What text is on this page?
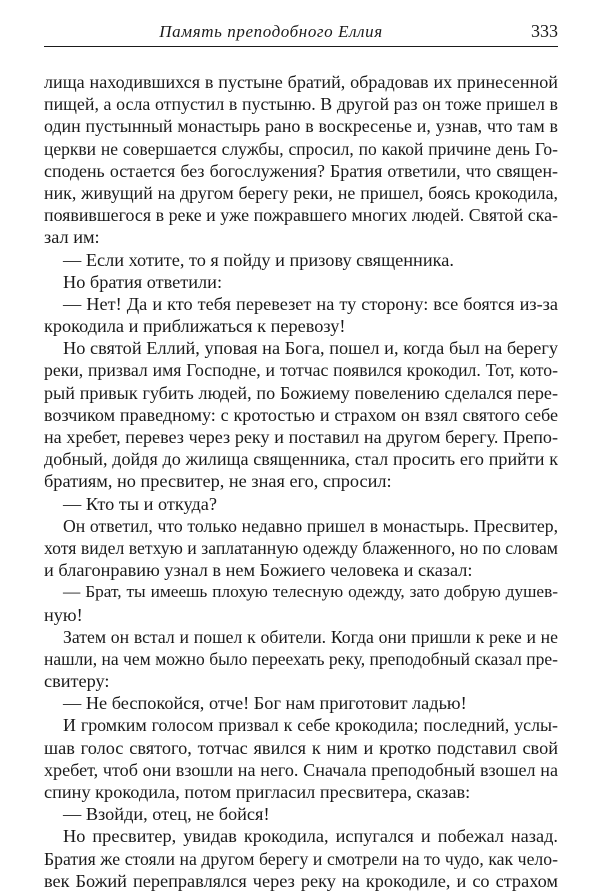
Память преподобного Еллия	333
лища находившихся в пустыне братий, обрадовав их принесенной
пищей, а осла отпустил в пустыню. В другой раз он тоже пришел в
один пустынный монастырь рано в воскресенье и, узнав, что там в
церкви не совершается службы, спросил, по какой причине день Го-
сподень остается без богослужения? Братия ответили, что священ-
ник, живущий на другом берегу реки, не пришел, боясь крокодила,
появившегося в реке и уже пожравшего многих людей. Святой ска-
зал им:
— Если хотите, то я пойду и призову священника.
Но братия ответили:
— Нет! Да и кто тебя перевезет на ту сторону: все боятся из-за
крокодила и приближаться к перевозу!
Но святой Еллий, уповая на Бога, пошел и, когда был на берегу
реки, призвал имя Господне, и тотчас появился крокодил. Тот, кото-
рый привык губить людей, по Божиему повелению сделался пере-
возчиком праведному: с кротостью и страхом он взял святого себе
на хребет, перевез через реку и поставил на другом берегу. Препо-
добный, дойдя до жилища священника, стал просить его прийти к
братиям, но пресвитер, не зная его, спросил:
— Кто ты и откуда?
Он ответил, что только недавно пришел в монастырь. Пресвитер,
хотя видел ветхую и заплатанную одежду блаженного, но по словам
и благонравию узнал в нем Божиего человека и сказал:
— Брат, ты имеешь плохую телесную одежду, зато добрую душев-
ную!
Затем он встал и пошел к обители. Когда они пришли к реке и не
нашли, на чем можно было переехать реку, преподобный сказал пре-
свитеру:
— Не беспокойся, отче! Бог нам приготовит ладью!
И громким голосом призвал к себе крокодила; последний, услы-
шав голос святого, тотчас явился к ним и кротко подставил свой
хребет, чтоб они взошли на него. Сначала преподобный взошел на
спину крокодила, потом пригласил пресвитера, сказав:
— Взойди, отец, не бойся!
Но пресвитер, увидав крокодила, испугался и побежал назад.
Братия же стояли на другом берегу и смотрели на то чудо, как чело-
век Божий переправлялся через реку на крокодиле, и со страхом
